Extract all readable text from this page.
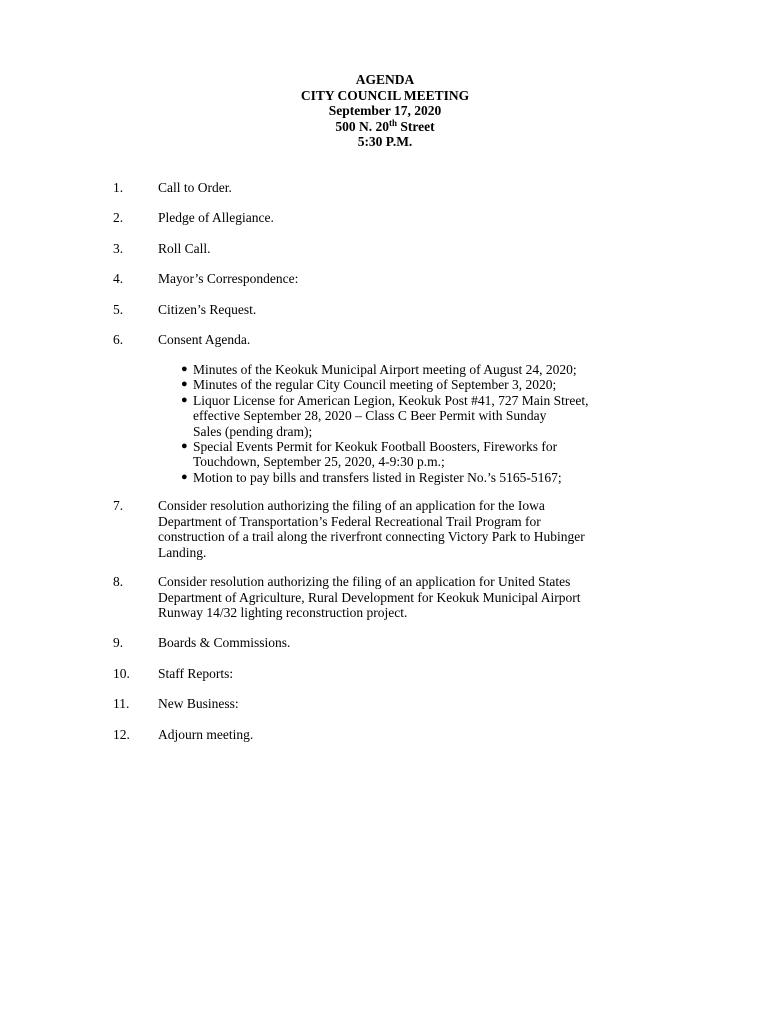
AGENDA
CITY COUNCIL MEETING
September 17, 2020
500 N. 20th Street
5:30 P.M.
1.	Call to Order.
2.	Pledge of Allegiance.
3.	Roll Call.
4.	Mayor’s Correspondence:
5.	Citizen’s Request.
6.	Consent Agenda.
● Minutes of the Keokuk Municipal Airport meeting of August 24, 2020;
● Minutes of the regular City Council meeting of September 3, 2020;
● Liquor License for American Legion, Keokuk Post #41, 727 Main Street,
effective September 28, 2020 – Class C Beer Permit with Sunday
Sales (pending dram);
● Special Events Permit for Keokuk Football Boosters, Fireworks for
Touchdown, September 25, 2020, 4-9:30 p.m.;
● Motion to pay bills and transfers listed in Register No.’s 5165-5167;
7.	Consider resolution authorizing the filing of an application for the Iowa
Department of Transportation’s Federal Recreational Trail Program for
construction of a trail along the riverfront connecting Victory Park to Hubinger
Landing.
8.	Consider resolution authorizing the filing of an application for United States
Department of Agriculture, Rural Development for Keokuk Municipal Airport
Runway 14/32 lighting reconstruction project.
9.	Boards & Commissions.
10.	Staff Reports:
11.	New Business:
12.	Adjourn meeting.
